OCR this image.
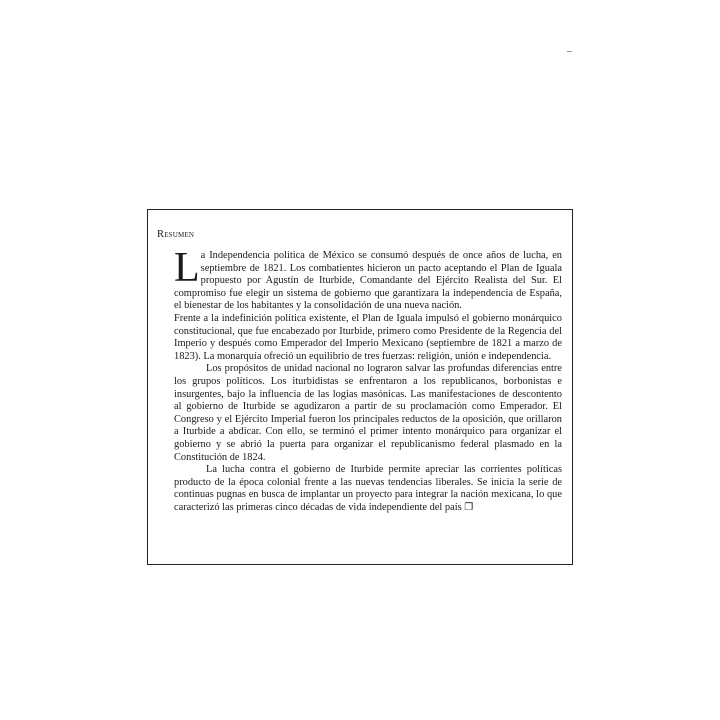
–
Resumen

La Independencia política de México se consumó después de once años de lucha, en septiembre de 1821. Los combatientes hicieron un pacto aceptando el Plan de Iguala propuesto por Agustín de Iturbide, Comandante del Ejército Realista del Sur. El compromiso fue elegir un sistema de gobierno que garantizara la independencia de España, el bienestar de los habitantes y la consolidación de una nueva nación.

Frente a la indefinición política existente, el Plan de Iguala impulsó el gobierno monárquico constitucional, que fue encabezado por Iturbide, primero como Presidente de la Regencia del Imperio y después como Emperador del Imperio Mexicano (septiembre de 1821 a marzo de 1823). La monarquía ofreció un equilibrio de tres fuerzas: religión, unión e independencia.

Los propósitos de unidad nacional no lograron salvar las profundas diferencias entre los grupos políticos. Los iturbidistas se enfrentaron a los republicanos, borbonistas e insurgentes, bajo la influencia de las logias masónicas. Las manifestaciones de descontento al gobierno de Iturbide se agudizaron a partir de su proclamación como Emperador. El Congreso y el Ejército Imperial fueron los principales reductos de la oposición, que orillaron a Iturbide a abdicar. Con ello, se terminó el primer intento monárquico para organizar el gobierno y se abrió la puerta para organizar el republicanismo federal plasmado en la Constitución de 1824.

La lucha contra el gobierno de Iturbide permite apreciar las corrientes políticas producto de la época colonial frente a las nuevas tendencias liberales. Se inicia la serie de continuas pugnas en busca de implantar un proyecto para integrar la nación mexicana, lo que caracterizó las primeras cinco décadas de vida independiente del país ❐
